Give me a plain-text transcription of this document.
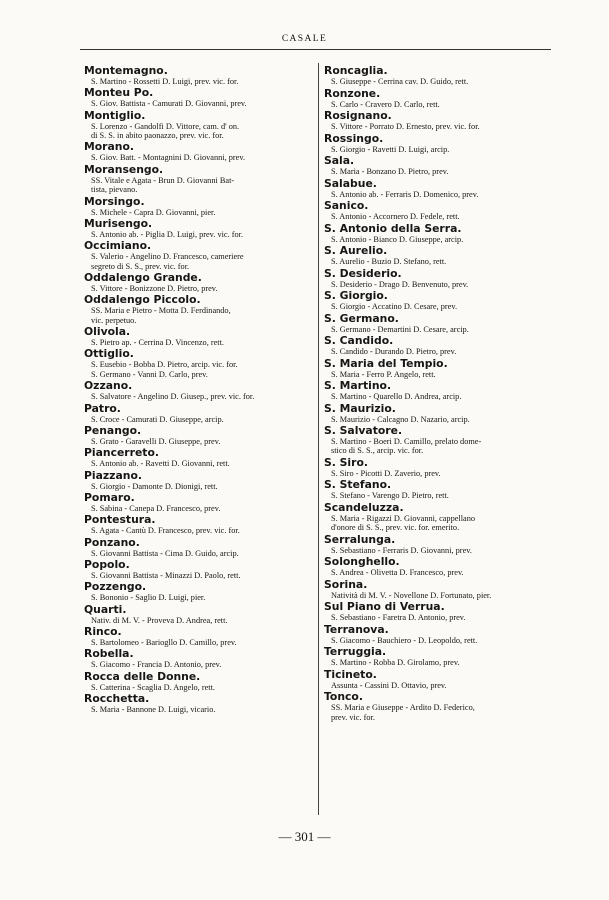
CASALE
Montemagno.
S. Martino - Rossetti D. Luigi, prev. vic. for.
Monteu Po.
S. Giov. Battista - Camurati D. Giovanni, prev.
Montiglio.
S. Lorenzo - Gandolfi D. Vittore, cam. d' on.
di S. S. in abito paonazzo, prev. vic. for.
Morano.
S. Giov. Batt. - Montagnini D. Giovanni, prev.
Moransengo.
SS. Vitale e Agata - Brun D. Giovanni Bat-
tista, pievano.
Morsingo.
S. Michele - Capra D. Giovanni, pier.
Murisengo.
S. Antonio ab. - Piglia D. Luigi, prev. vic. for.
Occimiano.
S. Valerio - Angelino D. Francesco, cameriere
segreto di S. S., prev. vic. for.
Oddalengo Grande.
S. Vittore - Bonizzone D. Pietro, prev.
Oddalengo Piccolo.
SS. Maria e Pietro - Motta D. Ferdinando,
vic. perpetuo.
Olivola.
S. Pietro ap. - Cerrina D. Vincenzo, rett.
Ottiglio.
S. Eusebio - Bobba D. Pietro, arcip. vic. for.
S. Germano - Vanni D. Carlo, prev.
Ozzano.
S. Salvatore - Angelino D. Giusep., prev. vic. for.
Patro.
S. Croce - Camurati D. Giuseppe, arcip.
Penango.
S. Grato - Garavelli D. Giuseppe, prev.
Piancerreto.
S. Antonio ab. - Ravetti D. Giovanni, rett.
Piazzano.
S. Giorgio - Damonte D. Dionigi, rett.
Pomaro.
S. Sabina - Canepa D. Francesco, prev.
Pontestura.
S. Agata - Cantù D. Francesco, prev. vic. for.
Ponzano.
S. Giovanni Battista - Cima D. Guido, arcip.
Popolo.
S. Giovanni Battista - Minazzi D. Paolo, rett.
Pozzengo.
S. Bononio - Saglio D. Luigi, pier.
Quarti.
Nativ. di M. V. - Proveva D. Andrea, rett.
Rinco.
S. Bartolomeo - Bariogllo D. Camillo, prev.
Robella.
S. Giacomo - Francia D. Antonio, prev.
Rocca delle Donne.
S. Catterina - Scaglia D. Angelo, rett.
Rocchetta.
S. Maria - Bannone D. Luigi, vicario.
Roncaglia.
S. Giuseppe - Cerrina cav. D. Guido, rett.
Ronzone.
S. Carlo - Cravero D. Carlo, rett.
Rosignano.
S. Vittore - Porrato D. Ernesto, prev. vic. for.
Rossingo.
S. Giorgio - Ravetti D. Luigi, arcip.
Sala.
S. Maria - Bonzano D. Pietro, prev.
Salabue.
S. Antonio ab. - Ferraris D. Domenico, prev.
Sanico.
S. Antonio - Accornero D. Fedele, rett.
S. Antonio della Serra.
S. Antonio - Bianco D. Giuseppe, arcip.
S. Aurelio.
S. Aurelio - Buzio D. Stefano, rett.
S. Desiderio.
S. Desiderio - Drago D. Benvenuto, prev.
S. Giorgio.
S. Giorgio - Accatino D. Cesare, prev.
S. Germano.
S. Germano - Demartini D. Cesare, arcip.
S. Candido.
S. Candido - Durando D. Pietro, prev.
S. Maria del Tempio.
S. Maria - Ferro P. Angelo, rett.
S. Martino.
S. Martino - Quarello D. Andrea, arcip.
S. Maurizio.
S. Maurizio - Calcagno D. Nazario, arcip.
S. Salvatore.
S. Martino - Boeri D. Camillo, prelato dome-
stico di S. S., arcip. vic. for.
S. Siro.
S. Siro - Picotti D. Zaverio, prev.
S. Stefano.
S. Stefano - Varengo D. Pietro, rett.
Scandeluzza.
S. Maria - Rigazzi D. Giovanni, cappellano
d'onore di S. S., prev. vic. for. emerito.
Serralunga.
S. Sebastiano - Ferraris D. Giovanni, prev.
Solonghello.
S. Andrea - Olivetta D. Francesco, prev.
Sorina.
Natività di M. V. - Novellone D. Fortunato, pier.
Sul Piano di Verrua.
S. Sebastiano - Faretra D. Antonio, prev.
Terranova.
S. Giacomo - Bauchiero - D. Leopoldo, rett.
Terruggia.
S. Martino - Robba D. Girolamo, prev.
Ticineto.
Assunta - Cassini D. Ottavio, prev.
Tonco.
SS. Maria e Giuseppe - Ardito D. Federico,
prev. vic. for.
— 301 —
